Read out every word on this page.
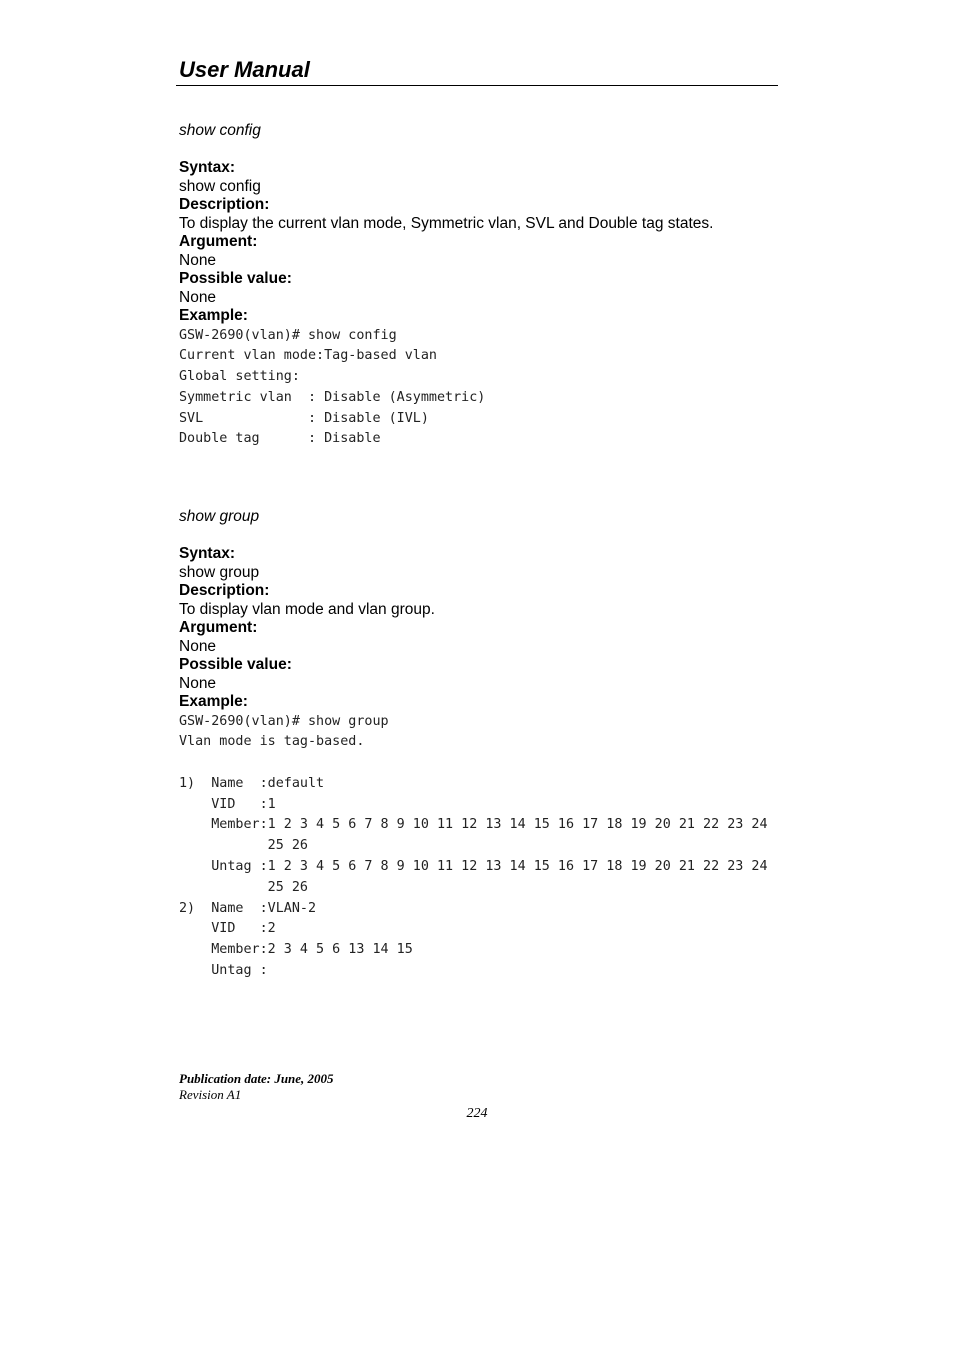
User Manual
show config
Syntax:
show config
Description:
To display the current vlan mode, Symmetric vlan, SVL and Double tag states.
Argument:
None
Possible value:
None
Example:
GSW-2690(vlan)# show config
Current vlan mode:Tag-based vlan
Global setting:
Symmetric vlan  : Disable (Asymmetric)
SVL             : Disable (IVL)
Double tag      : Disable
show group
Syntax:
show group
Description:
To display vlan mode and vlan group.
Argument:
None
Possible value:
None
Example:
GSW-2690(vlan)# show group
Vlan mode is tag-based.

1)  Name  :default
VID   :1
Member:1 2 3 4 5 6 7 8 9 10 11 12 13 14 15 16 17 18 19 20 21 22 23 24
25 26
Untag :1 2 3 4 5 6 7 8 9 10 11 12 13 14 15 16 17 18 19 20 21 22 23 24
25 26
2)  Name  :VLAN-2
VID   :2
Member:2 3 4 5 6 13 14 15
Untag :
Publication date: June, 2005
Revision A1
224
